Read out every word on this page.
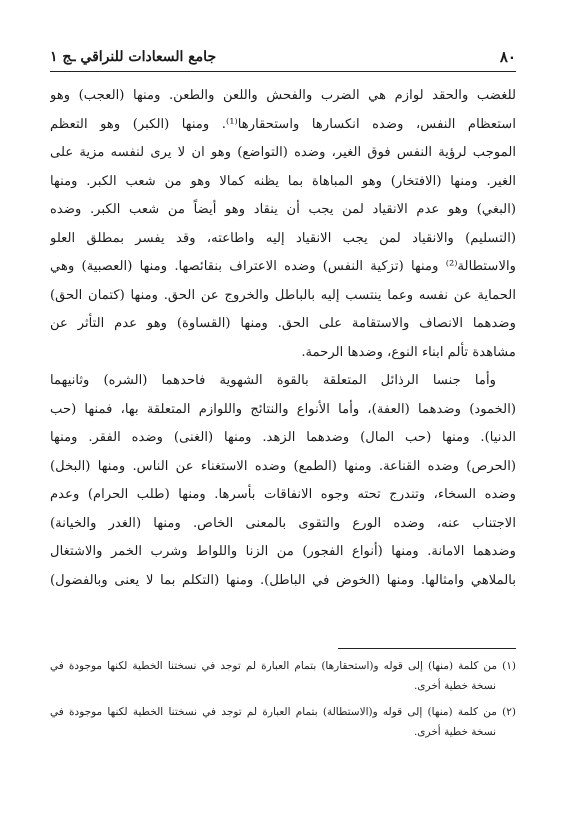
٨٠
جامع السعادات للنراقي ـج ١
للغضب والحقد لوازم هي الضرب والفحش واللعن والطعن. ومنها (العجب) وهو
استعظام النفس، وضده انكسارها واستحقارها⁽¹⁾. ومنها (الكبر) وهو التعظم
الموجب لرؤية النفس فوق الغير، وضده (التواضع) وهو ان لا يرى لنفسه مزية على
الغير. ومنها (الافتخار) وهو المباهاة بما يظنه كمالا وهو من شعب الكبر. ومنها
(البغي) وهو عدم الانقياد لمن يجب أن ينقاد وهو أيضاً من شعب الكبر. وضده
(التسليم) والانقياد لمن يجب الانقياد إليه واطاعته، وقد يفسر بمطلق العلو
والاستطالة⁽²⁾ ومنها (تزكية النفس) وضده الاعتراف بنقائصها. ومنها (العصبية) وهي
الحماية عن نفسه وعما ينتسب إليه بالباطل والخروج عن الحق. ومنها (كتمان الحق)
وضدهما الانصاف والاستقامة على الحق. ومنها (القساوة) وهو عدم التأثر عن
مشاهدة تألم ابناء النوع، وضدها الرحمة.
وأما جنسا الرذائل المتعلقة بالقوة الشهوية فاحدهما (الشره) وثانيهما
(الخمود) وضدهما (العفة)، وأما الأنواع والنتائج واللوازم المتعلقة بها، فمنها (حب
الدنيا). ومنها (حب المال) وضدهما الزهد. ومنها (الغنى) وضده الفقر. ومنها
(الحرص) وضده القناعة. ومنها (الطمع) وضده الاستغناء عن الناس. ومنها (البخل)
وضده السخاء، وتندرج تحته وجوه الانفاقات بأسرها. ومنها (طلب الحرام) وعدم
الاجتناب عنه، وضده الورع والتقوى بالمعنى الخاص. ومنها (الغدر والخيانة)
وضدهما الامانة. ومنها (أنواع الفجور) من الزنا واللواط وشرب الخمر والاشتغال
بالملاهي وامثالها. ومنها (الخوض في الباطل). ومنها (التكلم بما لا يعنى وبالفضول)
(١) من كلمة (منها) إلى قوله و(استحقارها) بتمام العبارة لم توجد في نسختنا الخطية لكنها موجودة في
نسخة خطية أخرى.
(٢) من كلمة (منها) إلى قوله و(الاستطالة) بتمام العبارة لم توجد في نسختنا الخطية لكنها موجودة في
نسخة خطية أخرى.
